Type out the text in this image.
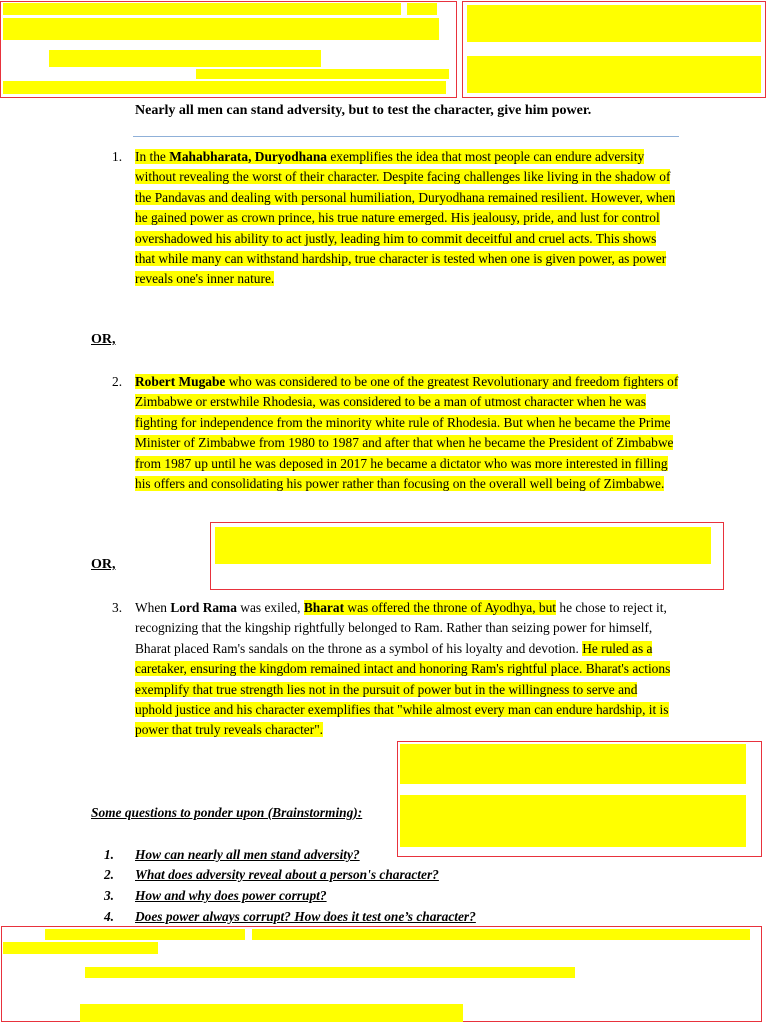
Nearly all men can stand adversity, but to test the character, give him power.
1. In the Mahabharata, Duryodhana exemplifies the idea that most people can endure adversity without revealing the worst of their character. Despite facing challenges like living in the shadow of the Pandavas and dealing with personal humiliation, Duryodhana remained resilient. However, when he gained power as crown prince, his true nature emerged. His jealousy, pride, and lust for control overshadowed his ability to act justly, leading him to commit deceitful and cruel acts. This shows that while many can withstand hardship, true character is tested when one is given power, as power reveals one's inner nature.
OR,
2. Robert Mugabe who was considered to be one of the greatest Revolutionary and freedom fighters of Zimbabwe or erstwhile Rhodesia, was considered to be a man of utmost character when he was fighting for independence from the minority white rule of Rhodesia. But when he became the Prime Minister of Zimbabwe from 1980 to 1987 and after that when he became the President of Zimbabwe from 1987 up until he was deposed in 2017 he became a dictator who was more interested in filling his offers and consolidating his power rather than focusing on the overall well being of Zimbabwe.
OR,
3. When Lord Rama was exiled, Bharat was offered the throne of Ayodhya, but he chose to reject it, recognizing that the kingship rightfully belonged to Ram. Rather than seizing power for himself, Bharat placed Ram's sandals on the throne as a symbol of his loyalty and devotion. He ruled as a caretaker, ensuring the kingdom remained intact and honoring Ram's rightful place. Bharat's actions exemplify that true strength lies not in the pursuit of power but in the willingness to serve and uphold justice and his character exemplifies that "while almost every man can endure hardship, it is power that truly reveals character".
Some questions to ponder upon (Brainstorming):
1. How can nearly all men stand adversity?
2. What does adversity reveal about a person's character?
3. How and why does power corrupt?
4. Does power always corrupt? How does it test one’s character?
